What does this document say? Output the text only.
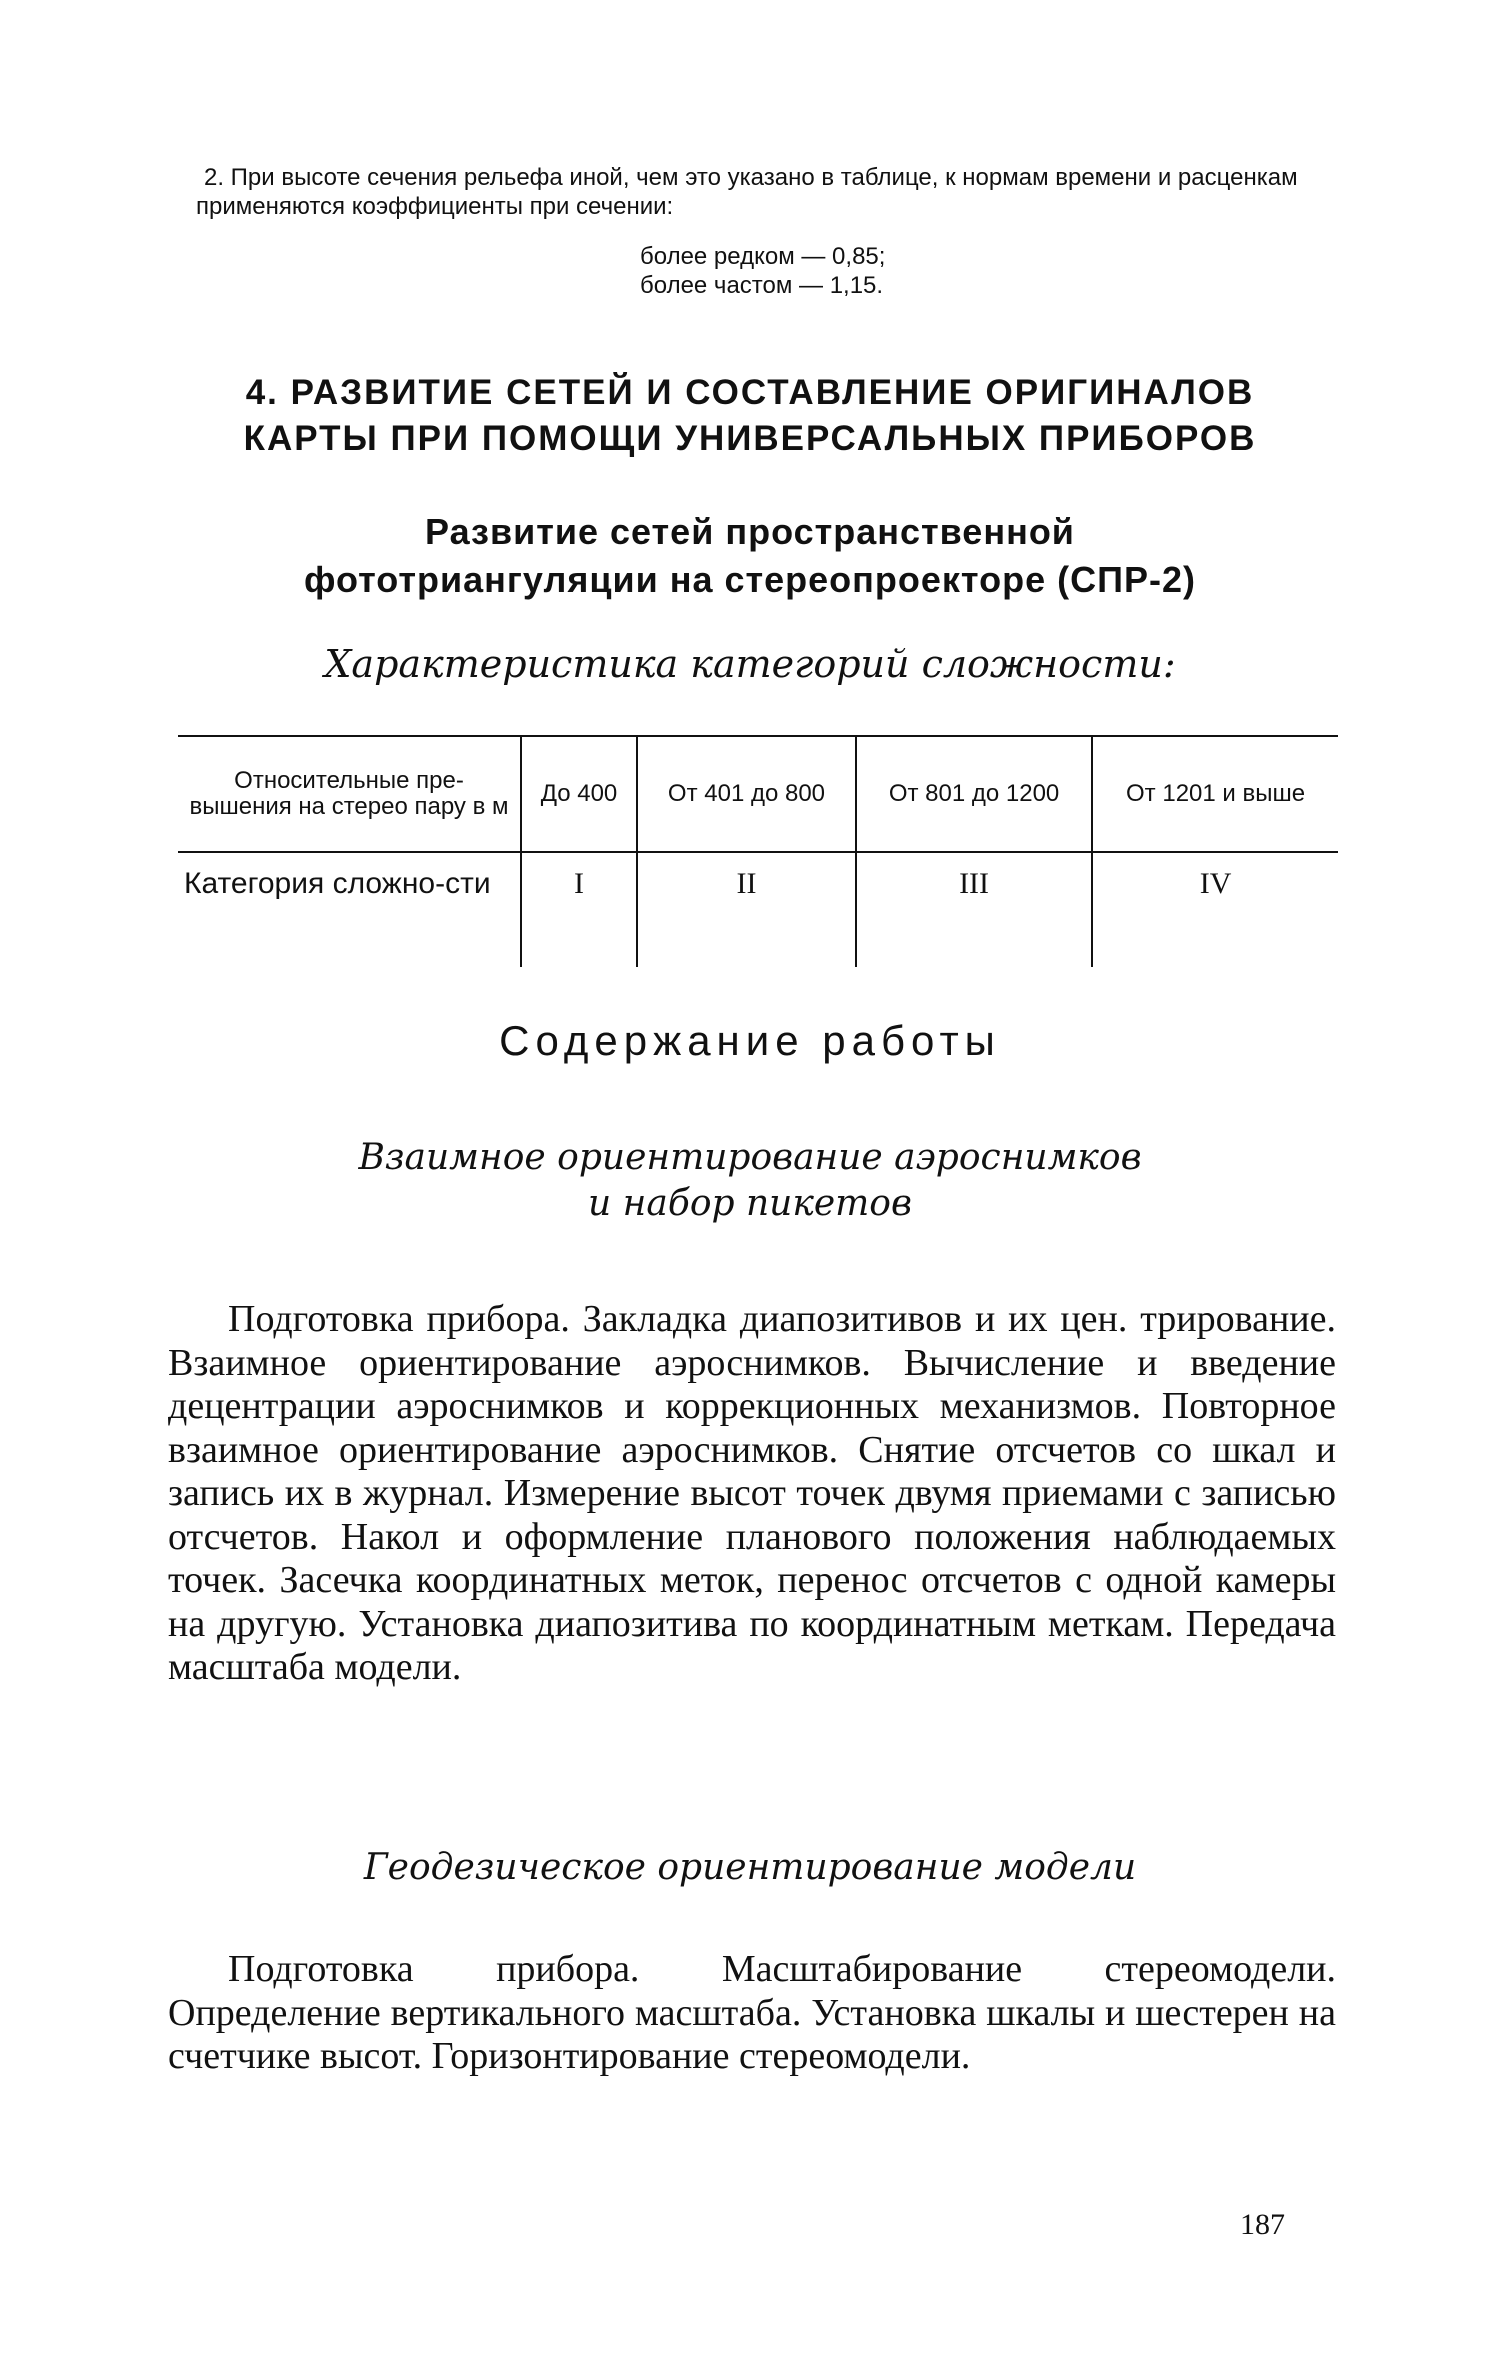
2. При высоте сечения рельефа иной, чем это указано в таблице, к нормам времени и расценкам применяются коэффициенты при сечении:
более редком — 0,85;
более частом — 1,15.
4. РАЗВИТИЕ СЕТЕЙ И СОСТАВЛЕНИЕ ОРИГИНАЛОВ
КАРТЫ ПРИ ПОМОЩИ УНИВЕРСАЛЬНЫХ ПРИБОРОВ
Развитие сетей пространственной
фототриангуляции на стереопроекторе (СПР-2)
Характеристика категорий сложности:
Относительные пре-вышения на стерео пару в м	До 400	От 401 до 800	От 801 до 1200	От 1201 и выше
Категория сложно-сти	I	II	III	IV
Содержание работы
Взаимное ориентирование аэроснимков
и набор пикетов
Подготовка прибора. Закладка диапозитивов и их цен. трирование. Взаимное ориентирование аэроснимков. Вычисление и введение децентрации аэроснимков и коррекционных механизмов. Повторное взаимное ориентирование аэроснимков. Снятие отсчетов со шкал и запись их в журнал. Измерение высот точек двумя приемами с записью отсчетов. Накол и оформление планового положения наблюдаемых точек. Засечка координатных меток, перенос отсчетов с одной камеры на другую. Установка диапозитива по координатным меткам. Передача масштаба модели.
Геодезическое ориентирование модели
Подготовка прибора. Масштабирование стереомодели. Определение вертикального масштаба. Установка шкалы и шестерен на счетчике высот. Горизонтирование стереомодели.
187
